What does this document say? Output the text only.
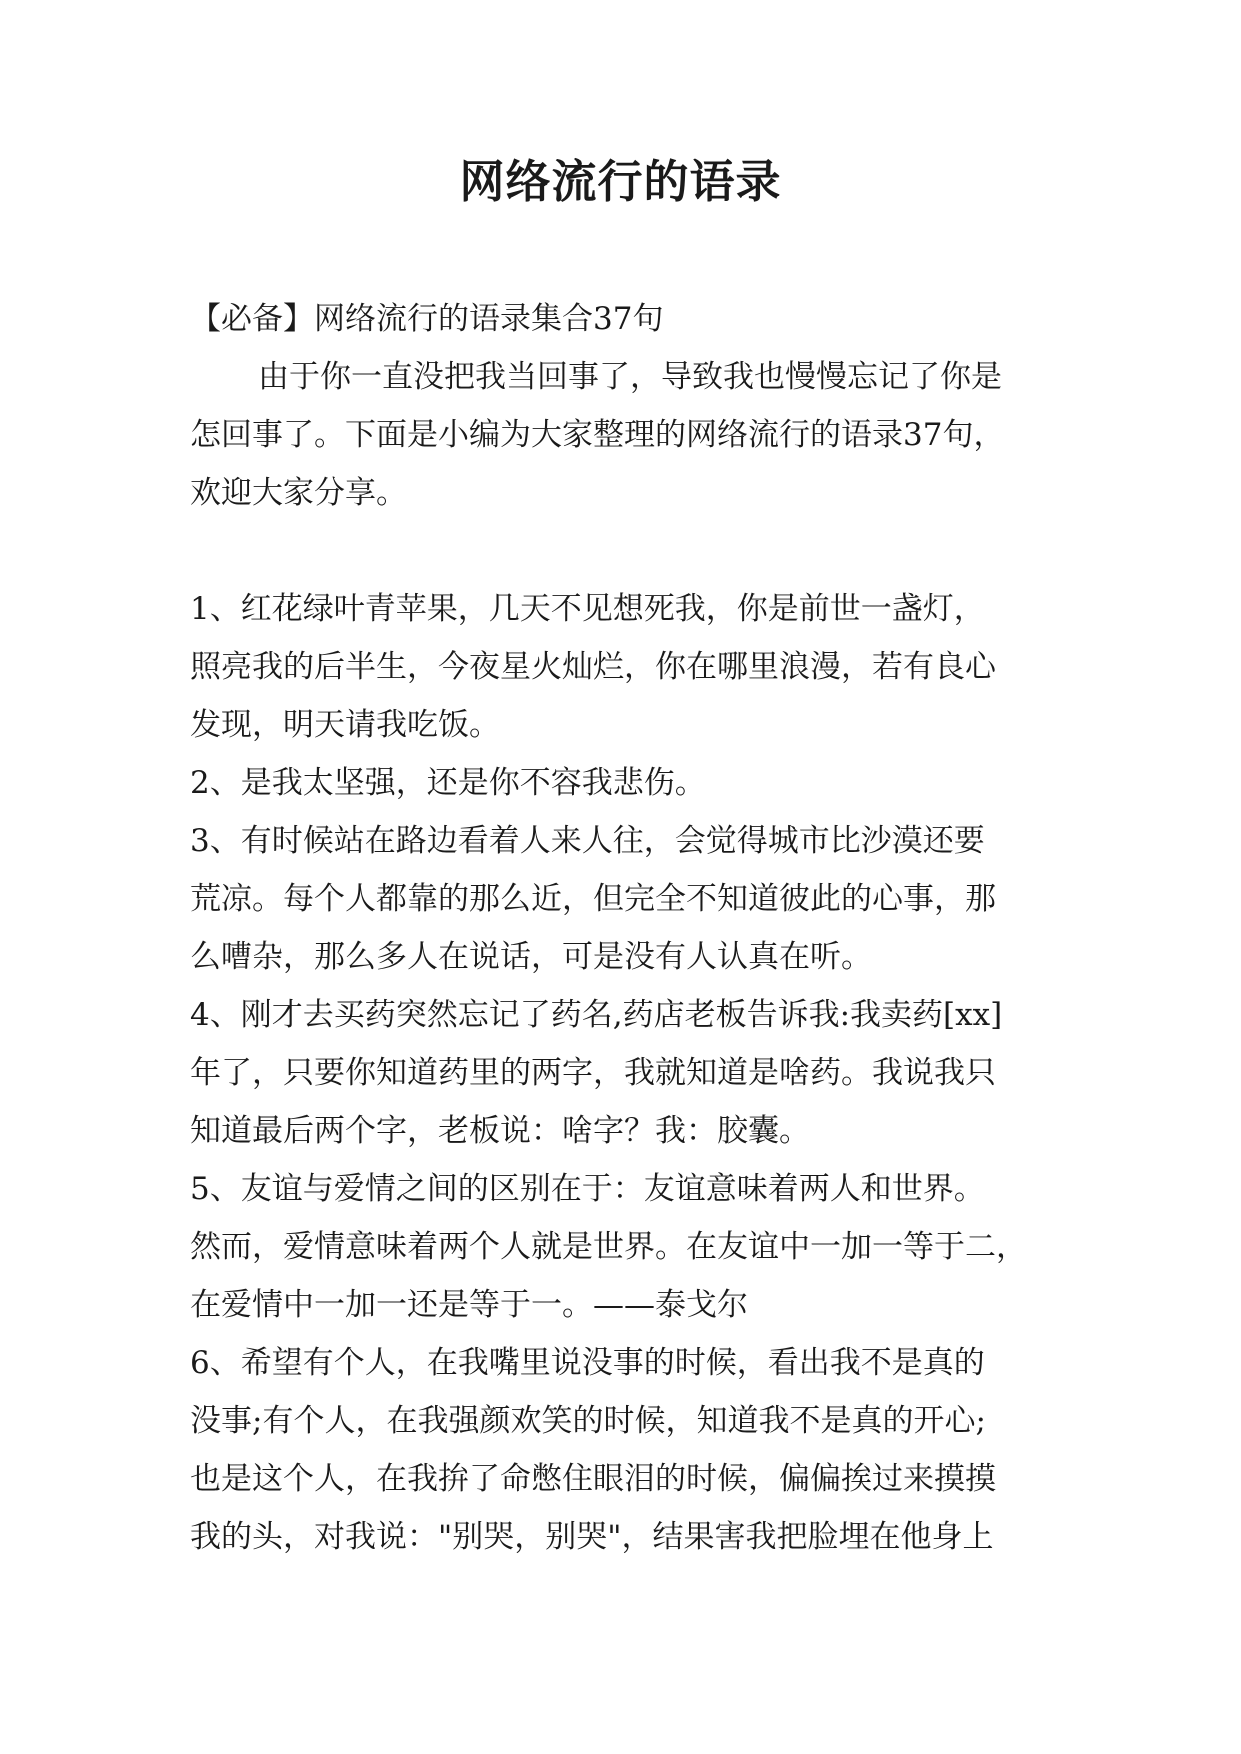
网络流行的语录
【必备】网络流行的语录集合37句
由于你一直没把我当回事了，导致我也慢慢忘记了你是
怎回事了。下面是小编为大家整理的网络流行的语录37句，
欢迎大家分享。
1、红花绿叶青苹果，几天不见想死我，你是前世一盏灯，
照亮我的后半生，今夜星火灿烂，你在哪里浪漫，若有良心
发现，明天请我吃饭。
2、是我太坚强，还是你不容我悲伤。
3、有时候站在路边看着人来人往，会觉得城市比沙漠还要
荒凉。每个人都靠的那么近，但完全不知道彼此的心事，那
么嘈杂，那么多人在说话，可是没有人认真在听。
4、刚才去买药突然忘记了药名,药店老板告诉我:我卖药[xx]
年了，只要你知道药里的两字，我就知道是啥药。我说我只
知道最后两个字，老板说：啥字？我：胶囊。
5、友谊与爱情之间的区别在于：友谊意味着两人和世界。
然而，爱情意味着两个人就是世界。在友谊中一加一等于二，
在爱情中一加一还是等于一。——泰戈尔
6、希望有个人，在我嘴里说没事的时候，看出我不是真的
没事;有个人，在我强颜欢笑的时候，知道我不是真的开心;
也是这个人，在我拚了命憋住眼泪的时候，偏偏挨过来摸摸
我的头，对我说："别哭，别哭"，结果害我把脸埋在他身上
